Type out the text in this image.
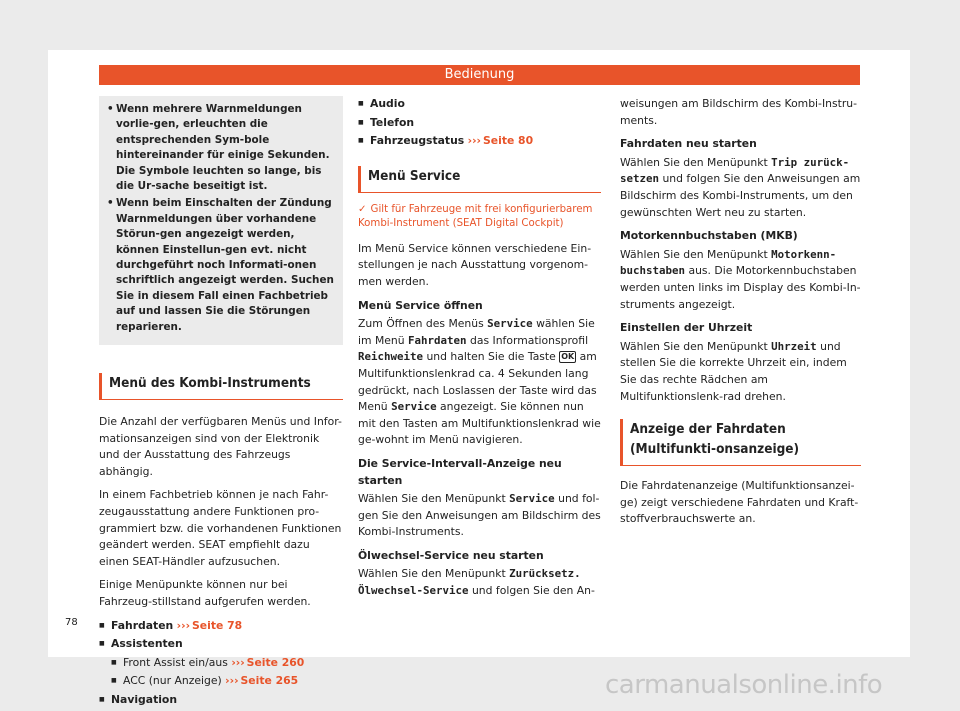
Bedienung
• Wenn mehrere Warnmeldungen vorlie-gen, erleuchten die entsprechenden Sym-bole hintereinander für einige Sekunden. Die Symbole leuchten so lange, bis die Ur-sache beseitigt ist.
• Wenn beim Einschalten der Zündung Warnmeldungen über vorhandene Störun-gen angezeigt werden, können Einstellun-gen evt. nicht durchgeführt noch Informati-onen schriftlich angezeigt werden. Suchen Sie in diesem Fall einen Fachbetrieb auf und lassen Sie die Störungen reparieren.
Menü des Kombi-Instruments

Die Anzahl der verfügbaren Menüs und Infor-mationsanzeigen sind von der Elektronik und der Ausstattung des Fahrzeugs abhängig.

In einem Fachbetrieb können je nach Fahr-zeugausstattung andere Funktionen pro-grammiert bzw. die vorhandenen Funktionen geändert werden. SEAT empfiehlt dazu einen SEAT-Händler aufzusuchen.

Einige Menüpunkte können nur bei Fahrzeug-stillstand aufgerufen werden.

■ Fahrdaten ››› Seite 78
■ Assistenten
■ Front Assist ein/aus ››› Seite 260
■ ACC (nur Anzeige) ››› Seite 265
■ Navigation
■ Audio
■ Telefon
■ Fahrzeugstatus ››› Seite 80
Menü Service
✓ Gilt für Fahrzeuge mit frei konfigurierbarem Kombi-Instrument (SEAT Digital Cockpit)

Im Menü Service können verschiedene Ein-stellungen je nach Ausstattung vorgenom-men werden.

Menü Service öffnen

Zum Öffnen des Menüs Service wählen Sie im Menü Fahrdaten das Informationsprofil Reichweite und halten Sie die Taste OK am Multifunktionslenkrad ca. 4 Sekunden lang gedrückt, nach Loslassen der Taste wird das Menü Service angezeigt. Sie können nun mit den Tasten am Multifunktionslenkrad wie ge-wohnt im Menü navigieren.

Die Service-Intervall-Anzeige neu starten

Wählen Sie den Menüpunkt Service und fol-gen Sie den Anweisungen am Bildschirm des Kombi-Instruments.

Ölwechsel-Service neu starten

Wählen Sie den Menüpunkt Zurücksetz. Ölwechsel-Service und folgen Sie den An-

weisungen am Bildschirm des Kombi-Instru-ments.

Fahrdaten neu starten

Wählen Sie den Menüpunkt Trip zurück-setzen und folgen Sie den Anweisungen am Bildschirm des Kombi-Instruments, um den gewünschten Wert neu zu starten.

Motorkennbuchstaben (MKB)

Wählen Sie den Menüpunkt Motorkenn-buchstaben aus. Die Motorkennbuchstaben werden unten links im Display des Kombi-In-struments angezeigt.

Einstellen der Uhrzeit

Wählen Sie den Menüpunkt Uhrzeit und stellen Sie die korrekte Uhrzeit ein, indem Sie das rechte Rädchen am Multifunktionslenk-rad drehen.

Anzeige der Fahrdaten (Multifunkti-onsanzeige)

Die Fahrdatenanzeige (Multifunktionsanzei-ge) zeigt verschiedene Fahrdaten und Kraft-stoffverbrauchswerte an.

78
carmanualsonline.info
